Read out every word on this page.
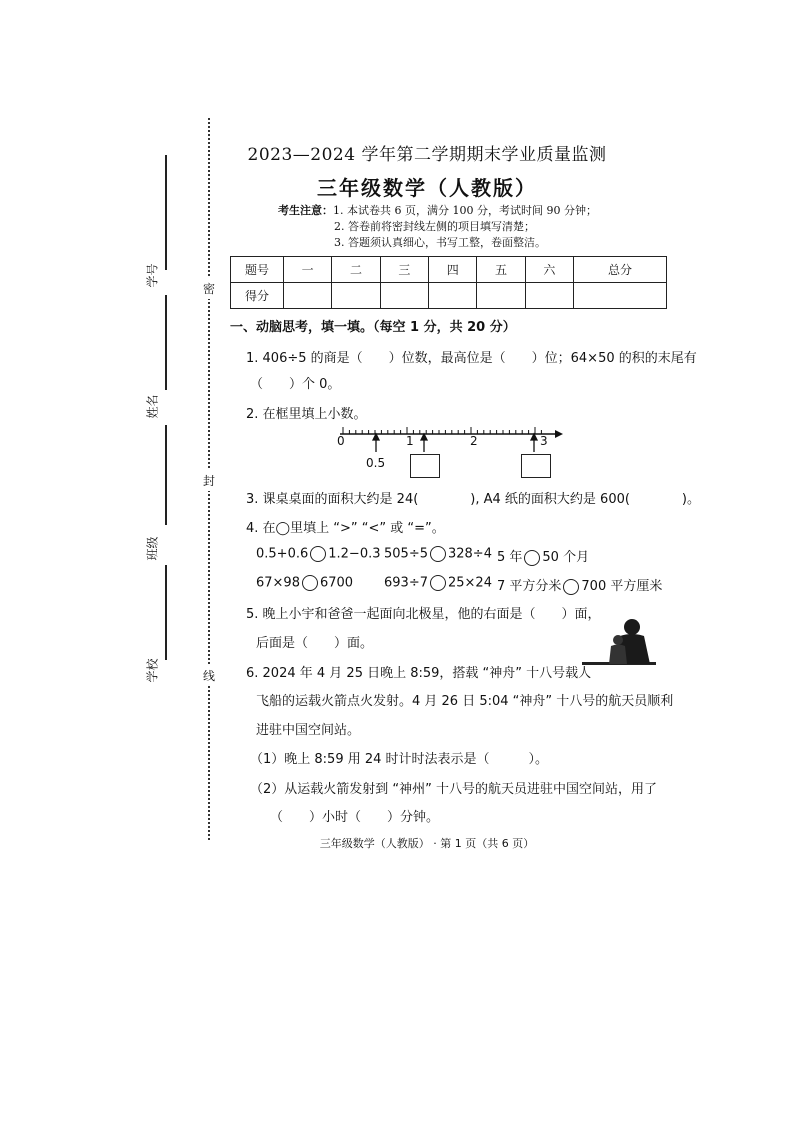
学号
姓名
班级
学校
密
封
线
2023—2024 学年第二学期期末学业质量监测
三年级数学（人教版）
考生注意：1. 本试卷共 6 页，满分 100 分，考试时间 90 分钟；
2. 答卷前将密封线左侧的项目填写清楚；
3. 答题须认真细心，书写工整，卷面整洁。
题号	一	二	三	四	五	六	总分
得分							
一、动脑思考，填一填。（每空 1 分，共 20 分）
1. 406÷5 的商是（　　）位数，最高位是（　　）位；64×50 的积的末尾有
（　　）个 0。
2. 在框里填上小数。
0	1	2	3
0.5
3. 课桌桌面的面积大约是 24(　　　　), A4 纸的面积大约是 600(　　　　)。
4. 在◯里填上 “>” “<” 或 “=”。
0.5+0.6 1.2−0.3 505÷5 328÷4 5 年 50 个月
67×98 6700 693÷7 25×24 7 平方分米 700 平方厘米
5. 晚上小宇和爸爸一起面向北极星，他的右面是（　　）面，
后面是（　　）面。
6. 2024 年 4 月 25 日晚上 8:59，搭载 “神舟” 十八号载人
飞船的运载火箭点火发射。4 月 26 日 5:04 “神舟” 十八号的航天员顺利
进驻中国空间站。
（1）晚上 8:59 用 24 时计时法表示是（　　　）。
（2）从运载火箭发射到 “神州” 十八号的航天员进驻中国空间站，用了
（　　）小时（　　）分钟。
三年级数学（人教版） · 第 1 页（共 6 页）
